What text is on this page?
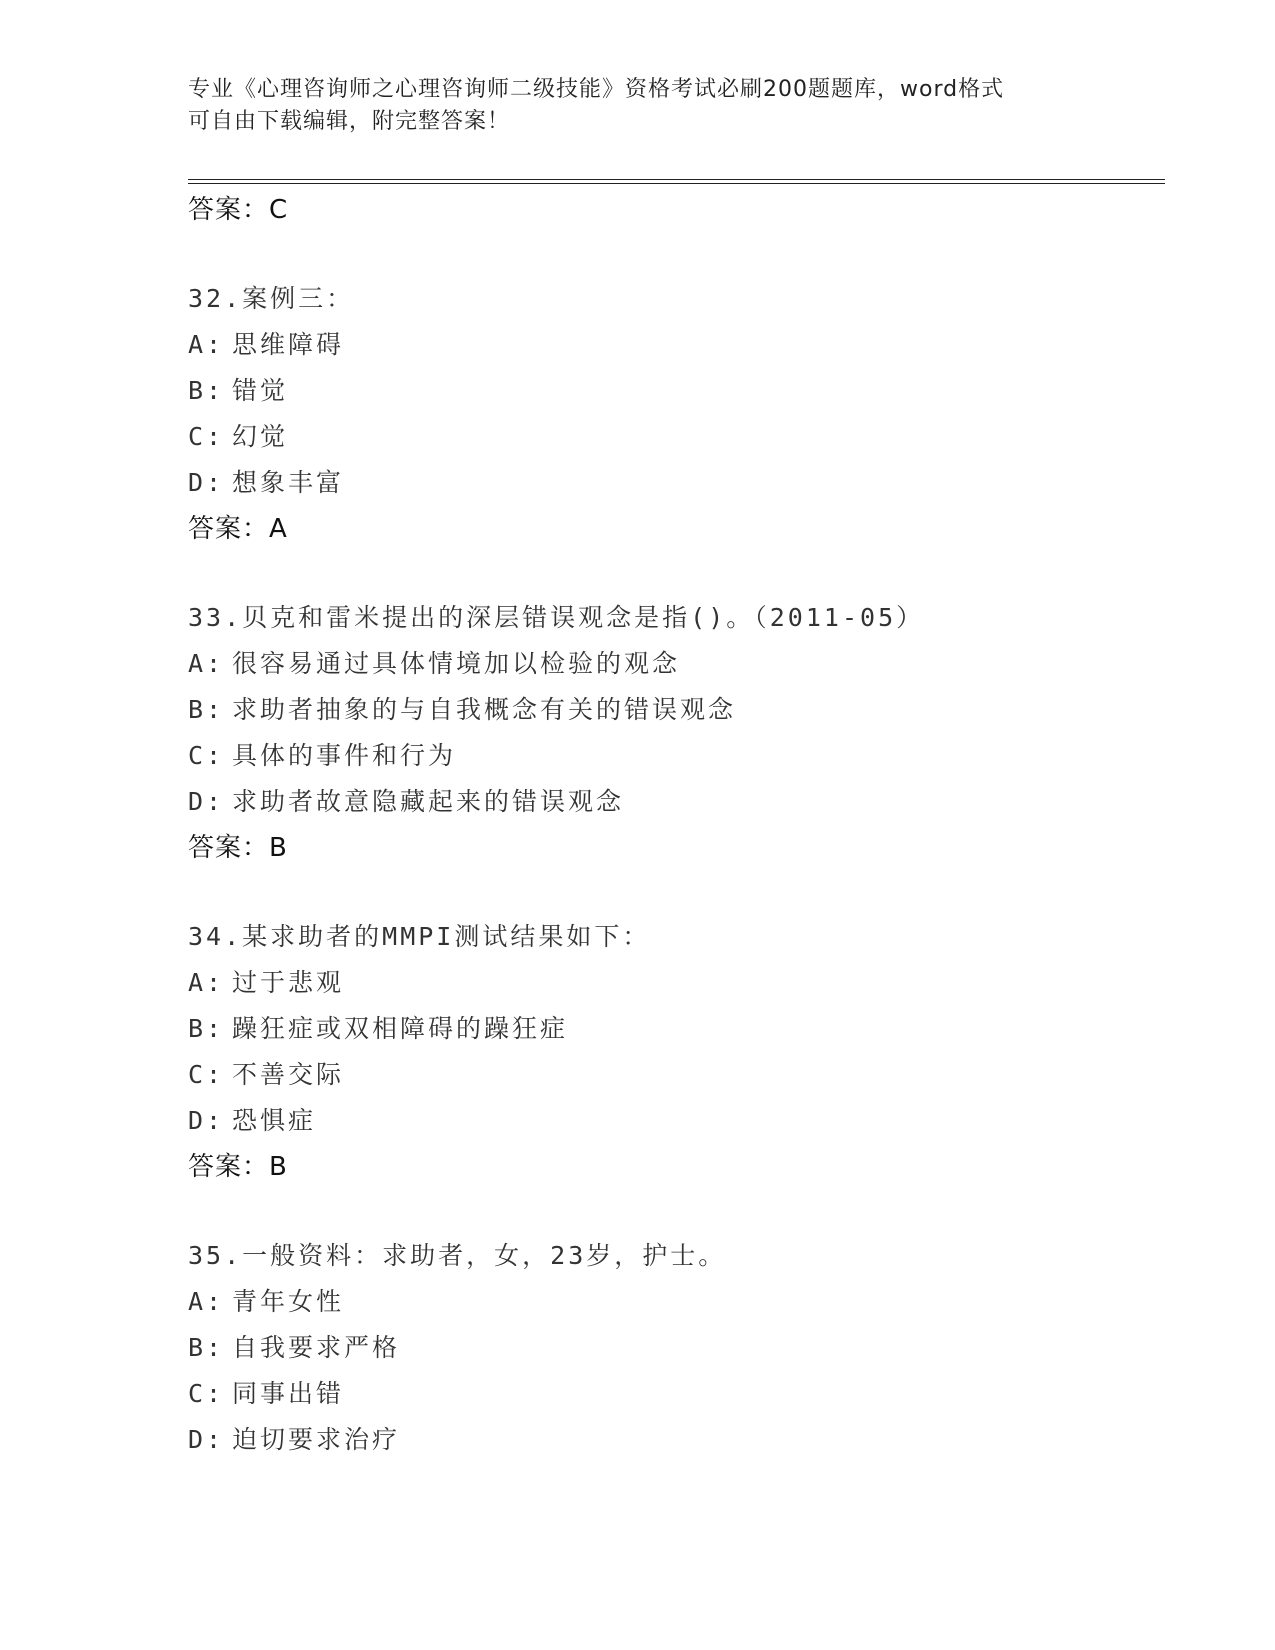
专业《心理咨询师之心理咨询师二级技能》资格考试必刷200题题库，word格式
可自由下载编辑，附完整答案！
答案：C
32.案例三：
A: 思维障碍
B: 错觉
C: 幻觉
D: 想象丰富
答案：A
33.贝克和雷米提出的深层错误观念是指()。（2011-05）
A: 很容易通过具体情境加以检验的观念
B: 求助者抽象的与自我概念有关的错误观念
C: 具体的事件和行为
D: 求助者故意隐藏起来的错误观念
答案：B
34.某求助者的MMPI测试结果如下：
A: 过于悲观
B: 躁狂症或双相障碍的躁狂症
C: 不善交际
D: 恐惧症
答案：B
35.一般资料：求助者，女，23岁，护士。
A: 青年女性
B: 自我要求严格
C: 同事出错
D: 迫切要求治疗
